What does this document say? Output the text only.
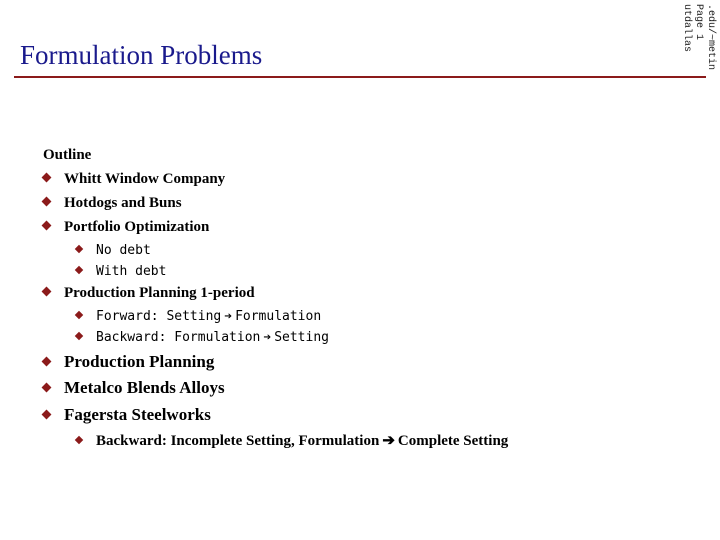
Formulation Problems	.edu/~metin
Page 1
utdallas
Outline
Whitt Window Company
Hotdogs and Buns
Portfolio Optimization
No debt
With debt
Production Planning 1-period
Forward: Setting ➔ Formulation
Backward: Formulation ➔ Setting
Production Planning
Metalco Blends Alloys
Fagersta Steelworks
Backward: Incomplete Setting, Formulation ➔ Complete Setting
